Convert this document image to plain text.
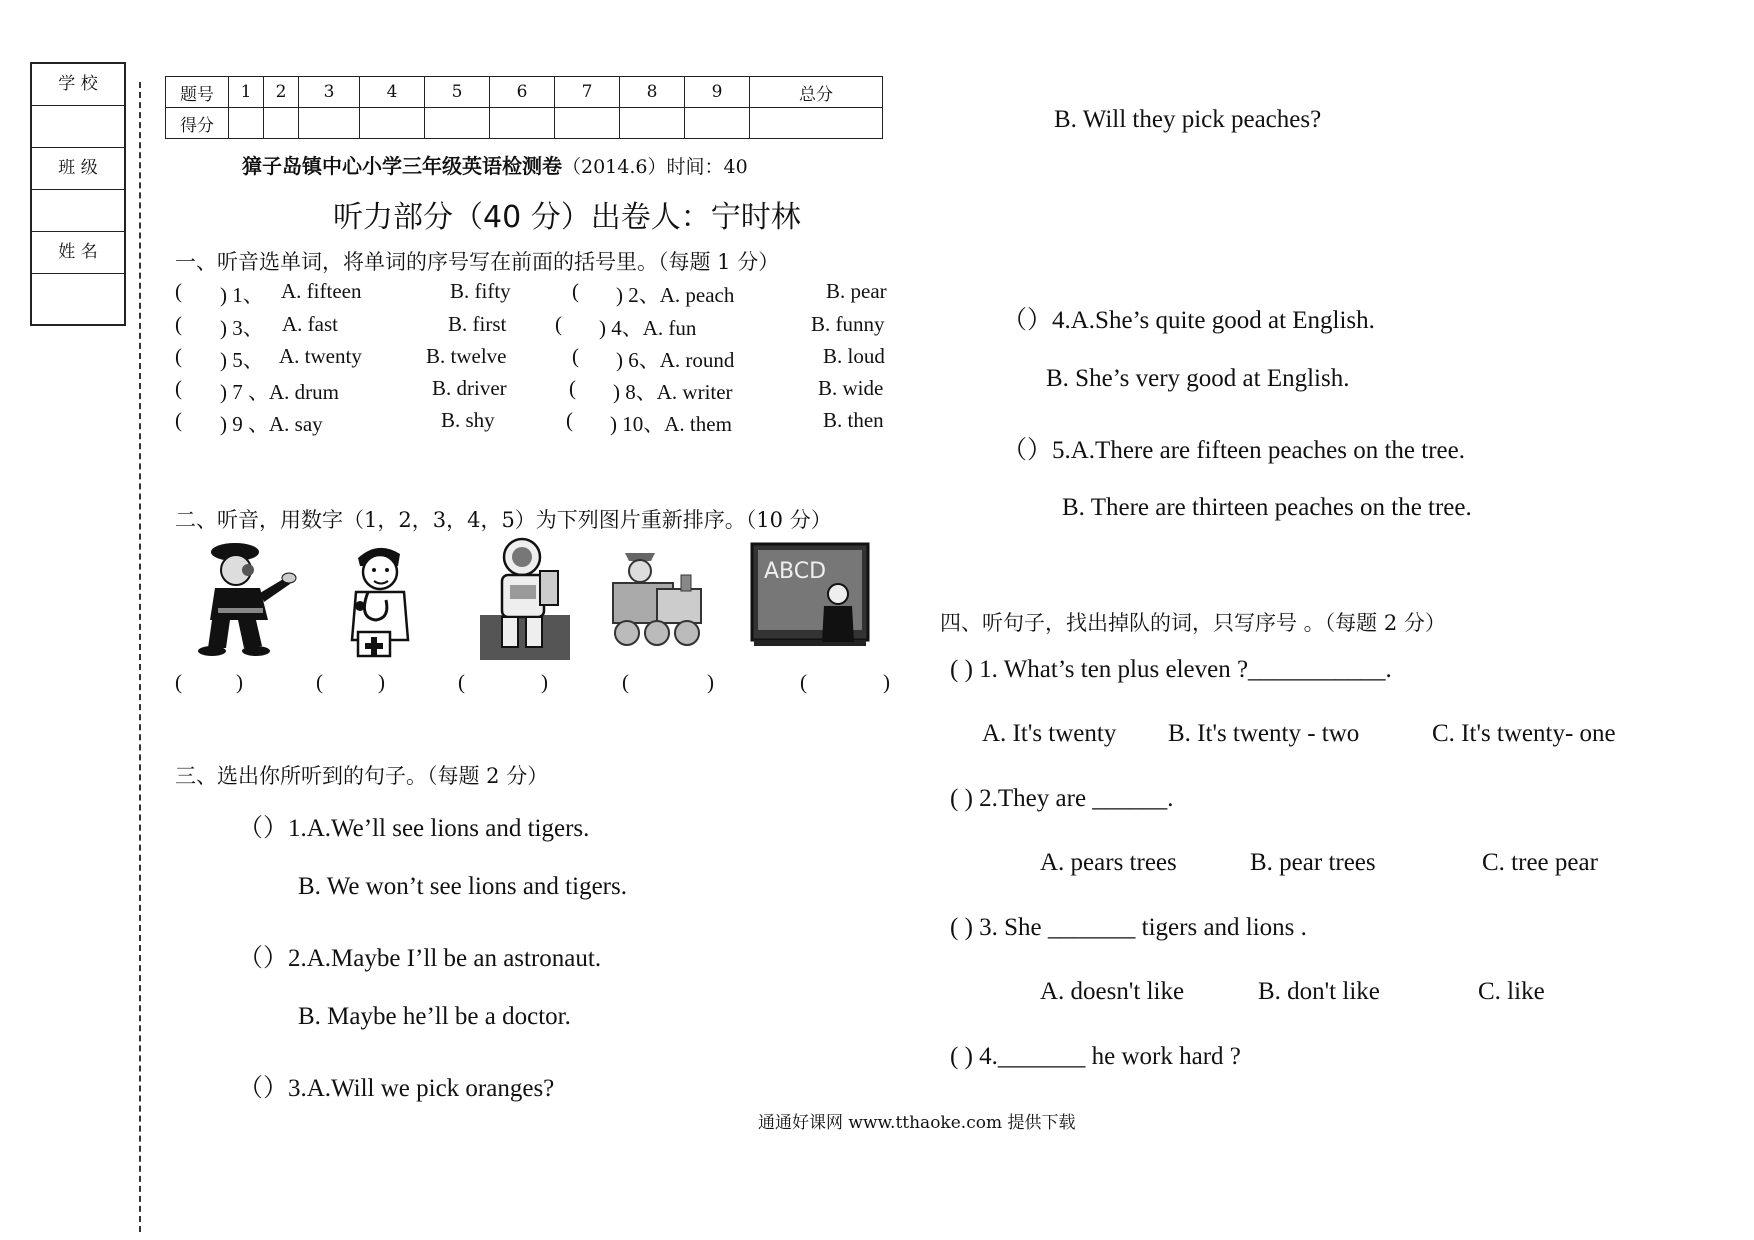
学 校
班 级
姓 名
题号	1	2	3	4	5	6	7	8	9	总分
得分										
獐子岛镇中心小学三年级英语检测卷（2014.6）时间：40
听力部分（40 分）出卷人：宁时林
一、听音选单词，将单词的序号写在前面的括号里。（每题 1 分）
( ) 1、 A. fifteen	B. fifty	( ) 2、A. peach	B. pear
( ) 3、 A. fast	B. first ( ) 4、A. fun	B. funny
( ) 5、 A. twenty	B. twelve	( ) 6、A. round	B. loud
( ) 7 、A. drum	B. driver	( ) 8、A. writer	B. wide
( ) 9 、A. say	B. shy	( ) 10、A. them	B. then
二、听音，用数字（1，2，3，4，5）为下列图片重新排序。（10 分）
ABCD
(	)	(	)	(	)	(	)	(	)
三、选出你所听到的句子。（每题 2 分）
（）1.A.We’ll see lions and tigers.
B. We won’t see lions and tigers.
（）2.A.Maybe I’ll be an astronaut.
B. Maybe he’ll be a doctor.
（）3.A.Will we pick oranges?
B. Will they pick peaches?
（）4.A.She’s quite good at English.
B. She’s very good at English.
（）5.A.There are fifteen peaches on the tree.
B. There are thirteen peaches on the tree.
四、听句子，找出掉队的词，只写序号 。（每题 2 分）
( ) 1. What’s ten plus eleven ?___________.
A. It's twenty B. It's twenty - two	C. It's twenty- one
( ) 2.They are ______.
A. pears trees	B. pear trees	C. tree pear
( ) 3. She _______ tigers and lions .
A. doesn't like	B. don't like	C. like
( ) 4._______ he work hard ?
通通好课网 www.tthaoke.com 提供下载
